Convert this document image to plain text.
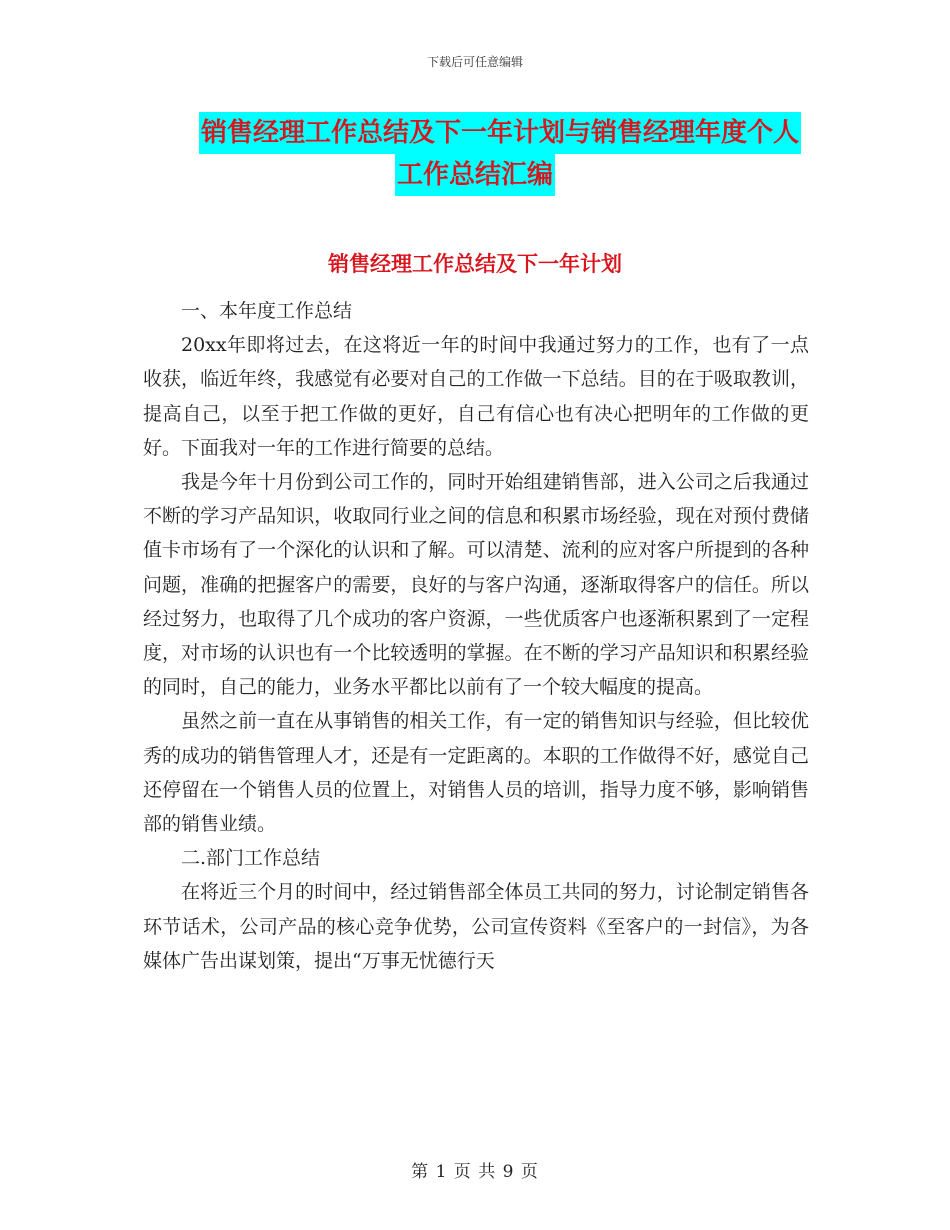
下载后可任意编辑
销售经理工作总结及下一年计划与销售经理年度个人
工作总结汇编
销售经理工作总结及下一年计划

一、本年度工作总结

20xx年即将过去，在这将近一年的时间中我通过努力的工作，也有了一点收获，临近年终，我感觉有必要对自己的工作做一下总结。目的在于吸取教训，提高自己，以至于把工作做的更好，自己有信心也有决心把明年的工作做的更好。下面我对一年的工作进行简要的总结。

我是今年十月份到公司工作的，同时开始组建销售部，进入公司之后我通过不断的学习产品知识，收取同行业之间的信息和积累市场经验，现在对预付费储值卡市场有了一个深化的认识和了解。可以清楚、流利的应对客户所提到的各种问题，准确的把握客户的需要，良好的与客户沟通，逐渐取得客户的信任。所以经过努力，也取得了几个成功的客户资源，一些优质客户也逐渐积累到了一定程度，对市场的认识也有一个比较透明的掌握。在不断的学习产品知识和积累经验的同时，自己的能力，业务水平都比以前有了一个较大幅度的提高。

虽然之前一直在从事销售的相关工作，有一定的销售知识与经验，但比较优秀的成功的销售管理人才，还是有一定距离的。本职的工作做得不好，感觉自己还停留在一个销售人员的位置上，对销售人员的培训，指导力度不够，影响销售部的销售业绩。

二.部门工作总结

在将近三个月的时间中，经过销售部全体员工共同的努力，讨论制定销售各环节话术，公司产品的核心竞争优势，公司宣传资料《至客户的一封信》，为各媒体广告出谋划策，提出“万事无忧德行天

第 1 页 共 9 页
